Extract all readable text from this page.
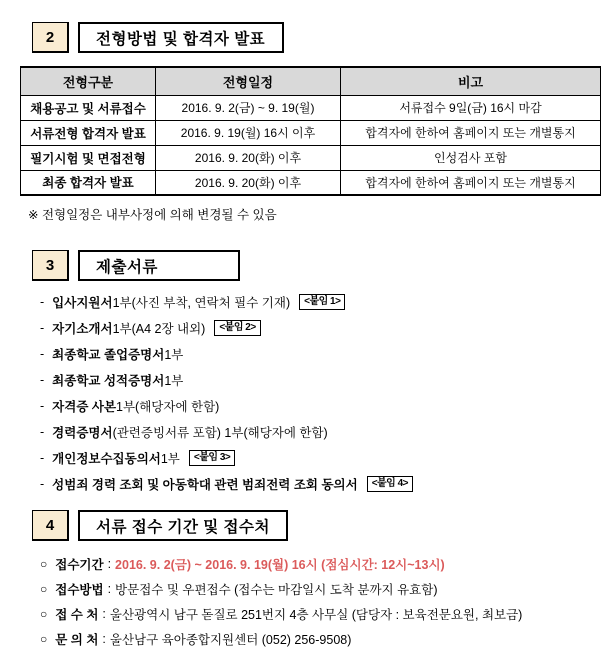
2	전형방법 및 합격자 발표
전형구분	전형일정	비고
채용공고 및 서류접수	2016. 9. 2(금) ~ 9. 19(월)	서류접수 9일(금) 16시 마감
서류전형 합격자 발표	2016. 9. 19(월) 16시 이후	합격자에 한하여 홈페이지 또는 개별통지
필기시험 및 면접전형	2016. 9. 20(화) 이후	인성검사 포함
최종 합격자 발표	2016. 9. 20(화) 이후	합격자에 한하여 홈페이지 또는 개별통지
※ 전형일정은 내부사정에 의해 변경될 수 있음
3	제출서류
- 입사지원서 1부(사진 부착, 연락처 필수 기재)	<붙임 1>
- 자기소개서 1부(A4 2장 내외)	<붙임 2>
- 최종학교 졸업증명서 1부
- 최종학교 성적증명서 1부
- 자격증 사본 1부(해당자에 한함)
- 경력증명서 (관련증빙서류 포함) 1부(해당자에 한함)
- 개인정보수집동의서 1부	<붙임 3>
- 성범죄 경력 조회 및 아동학대 관련 범죄전력 조회 동의서	<붙임 4>
4	서류 접수 기간 및 접수처
○ 접수기간 : 2016. 9. 2(금) ~ 2016. 9. 19(월) 16시 (점심시간: 12시~13시)
○ 접수방법 : 방문접수 및 우편접수 (접수는 마감일시 도착 분까지 유효함)
○ 접 수 처 : 울산광역시 남구 돋질로 251번지 4층 사무실 (담당자 : 보육전문요원, 최보금)
○ 문 의 처 : 울산남구 육아종합지원센터 (052) 256-9508)
